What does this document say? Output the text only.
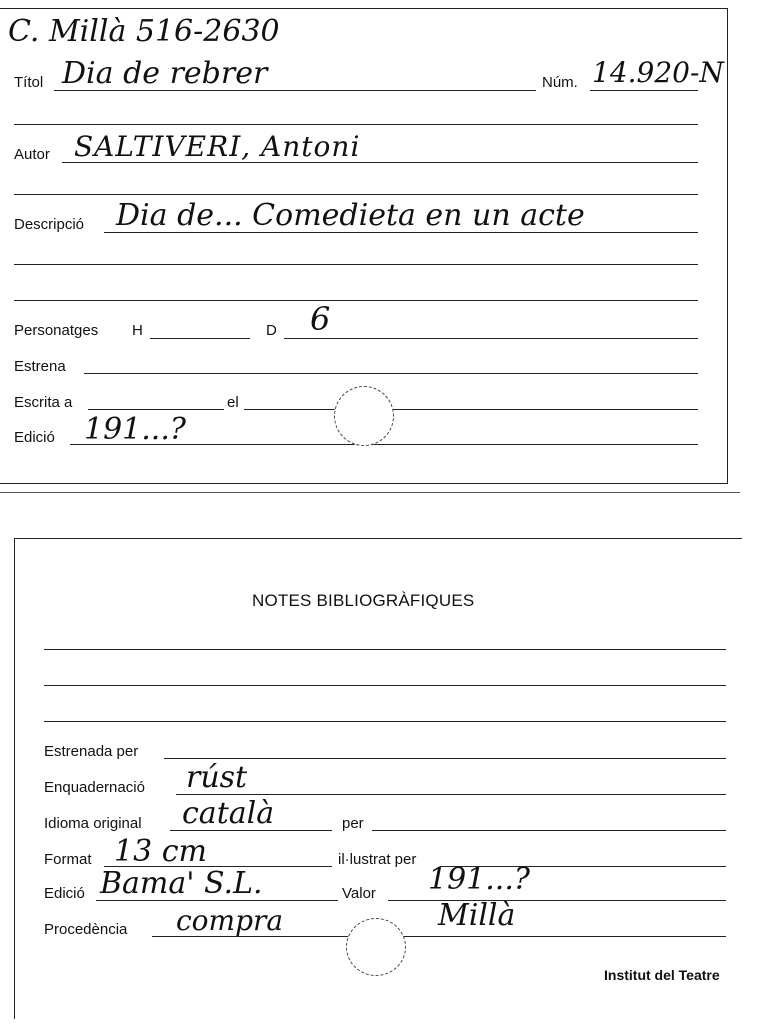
C. Millà 516-2630
Títol Dia de rebrer	Núm. 14.920-N
Autor SALTIVERI, Antoni
Descripció Dia de... Comedieta en un acte
Personatges H	D 6
Estrena
Escrita a	el
Edició 191...?
NOTES BIBLIOGRÀFIQUES
Estrenada per
Enquadernació rúst
Idioma original català	per
Format 13 cm	il·lustrat per
Edició Bama' S.L.	Valor 191...?
Procedència compra	Millà
Institut del Teatre
